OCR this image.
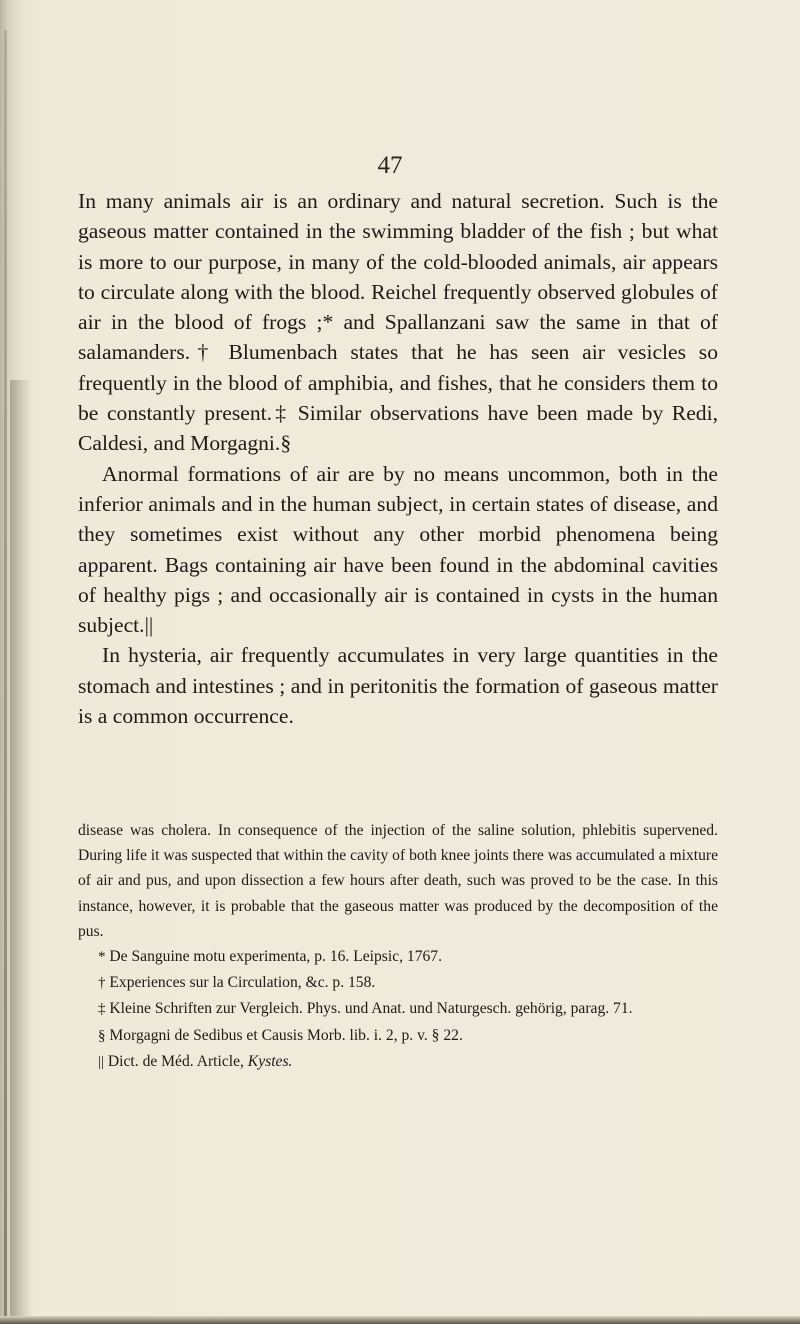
47

In many animals air is an ordinary and natural secretion. Such is the gaseous matter contained in the swimming bladder of the fish ; but what is more to our purpose, in many of the cold-blooded animals, air appears to circulate along with the blood. Reichel frequently observed globules of air in the blood of frogs ;* and Spallanzani saw the same in that of salamanders.† Blumenbach states that he has seen air vesicles so frequently in the blood of amphibia, and fishes, that he considers them to be constantly present.‡ Similar observations have been made by Redi, Caldesi, and Morgagni.§

Anormal formations of air are by no means uncommon, both in the inferior animals and in the human subject, in certain states of disease, and they sometimes exist without any other morbid phenomena being apparent. Bags containing air have been found in the abdominal cavities of healthy pigs ; and occasionally air is contained in cysts in the human subject.||

In hysteria, air frequently accumulates in very large quantities in the stomach and intestines ; and in peritonitis the formation of gaseous matter is a common occurrence.

disease was cholera. In consequence of the injection of the saline solution, phlebitis supervened. During life it was suspected that within the cavity of both knee joints there was accumulated a mixture of air and pus, and upon dissection a few hours after death, such was proved to be the case. In this instance, however, it is probable that the gaseous matter was produced by the decomposition of the pus.

* De Sanguine motu experimenta, p. 16. Leipsic, 1767.

† Experiences sur la Circulation, &c. p. 158.

‡ Kleine Schriften zur Vergleich. Phys. und Anat. und Naturgesch. gehörig, parag. 71.

§ Morgagni de Sedibus et Causis Morb. lib. i. 2, p. v. § 22.

|| Dict. de Méd. Article, Kystes.
